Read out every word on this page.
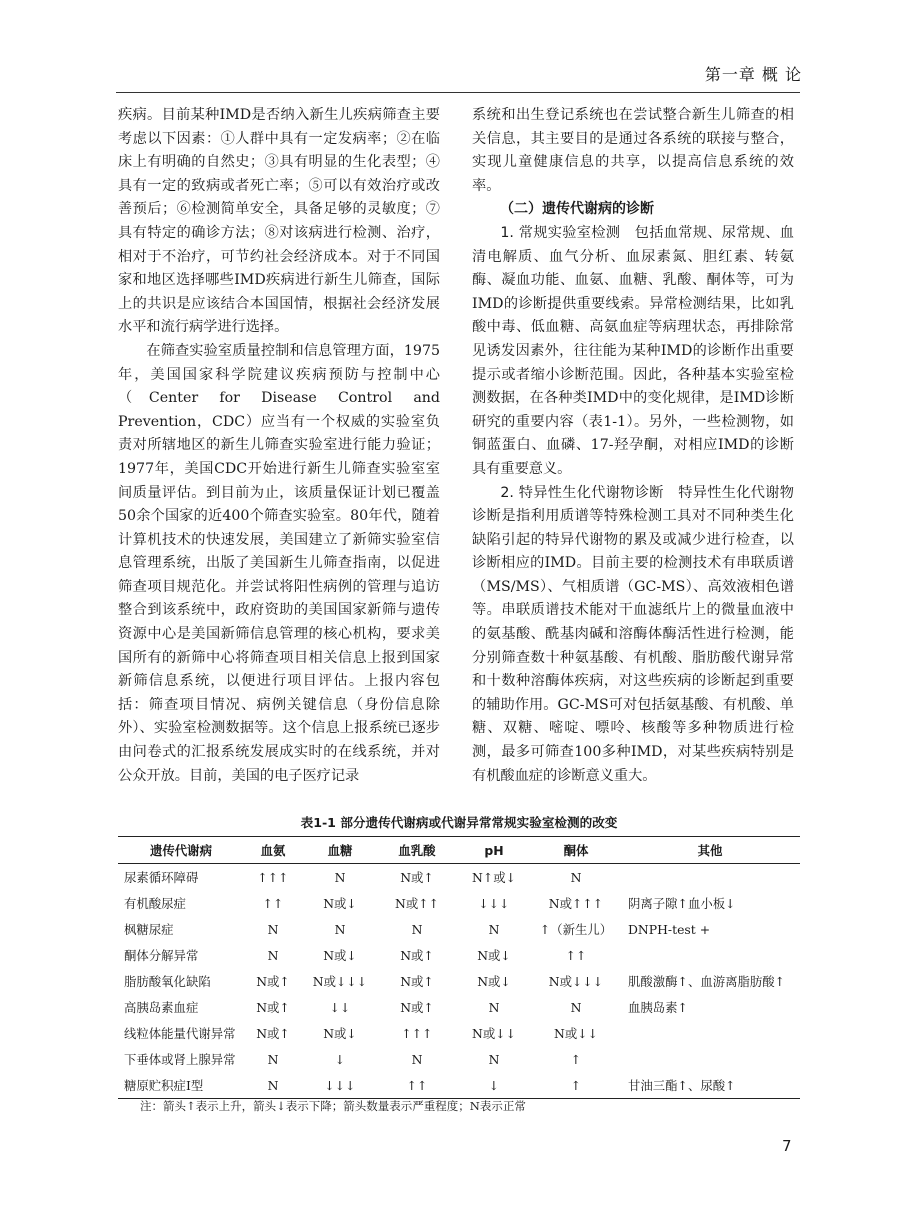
第一章 概 论

疾病。目前某种IMD是否纳入新生儿疾病筛查主要考虑以下因素：①人群中具有一定发病率；②在临床上有明确的自然史；③具有明显的生化表型；④具有一定的致病或者死亡率；⑤可以有效治疗或改善预后；⑥检测简单安全，具备足够的灵敏度；⑦具有特定的确诊方法；⑧对该病进行检测、治疗，相对于不治疗，可节约社会经济成本。对于不同国家和地区选择哪些IMD疾病进行新生儿筛查，国际上的共识是应该结合本国国情，根据社会经济发展水平和流行病学进行选择。

在筛查实验室质量控制和信息管理方面，1975年，美国国家科学院建议疾病预防与控制中心（Center for Disease Control and Prevention，CDC）应当有一个权威的实验室负责对所辖地区的新生儿筛查实验室进行能力验证；1977年，美国CDC开始进行新生儿筛查实验室室间质量评估。到目前为止，该质量保证计划已覆盖50余个国家的近400个筛查实验室。80年代，随着计算机技术的快速发展，美国建立了新筛实验室信息管理系统，出版了美国新生儿筛查指南，以促进筛查项目规范化。并尝试将阳性病例的管理与追访整合到该系统中，政府资助的美国国家新筛与遗传资源中心是美国新筛信息管理的核心机构，要求美国所有的新筛中心将筛查项目相关信息上报到国家新筛信息系统，以便进行项目评估。上报内容包括：筛查项目情况、病例关键信息（身份信息除外）、实验室检测数据等。这个信息上报系统已逐步由问卷式的汇报系统发展成实时的在线系统，并对公众开放。目前，美国的电子医疗记录

系统和出生登记系统也在尝试整合新生儿筛查的相关信息，其主要目的是通过各系统的联接与整合，实现儿童健康信息的共享，以提高信息系统的效率。

（二）遗传代谢病的诊断

1. 常规实验室检测　 包括血常规、尿常规、血清电解质、血气分析、血尿素氮、胆红素、转氨酶、凝血功能、血氨、血糖、乳酸、酮体等，可为IMD的诊断提供重要线索。异常检测结果，比如乳酸中毒、低血糖、高氨血症等病理状态，再排除常见诱发因素外，往往能为某种IMD的诊断作出重要提示或者缩小诊断范围。因此，各种基本实验室检测数据，在各种类IMD中的变化规律，是IMD诊断研究的重要内容（表1-1）。另外，一些检测物，如铜蓝蛋白、血磷、17-羟孕酮，对相应IMD的诊断具有重要意义。

2. 特异性生化代谢物诊断　 特异性生化代谢物诊断是指利用质谱等特殊检测工具对不同种类生化缺陷引起的特异代谢物的累及或减少进行检查，以诊断相应的IMD。目前主要的检测技术有串联质谱（MS/MS）、气相质谱（GC-MS）、高效液相色谱等。串联质谱技术能对干血滤纸片上的微量血液中的氨基酸、酰基肉碱和溶酶体酶活性进行检测，能分别筛查数十种氨基酸、有机酸、脂肪酸代谢异常和十数种溶酶体疾病，对这些疾病的诊断起到重要的辅助作用。GC-MS可对包括氨基酸、有机酸、单糖、双糖、嘧啶、嘌呤、核酸等多种物质进行检测，最多可筛查100多种IMD，对某些疾病特别是有机酸血症的诊断意义重大。

表1-1 部分遗传代谢病或代谢异常常规实验室检测的改变
遗传代谢病	血氨	血糖	血乳酸	pH	酮体	其他
尿素循环障碍	↑↑↑	N	N或↑	N↑或↓	N	
有机酸尿症	↑↑	N或↓	N或↑↑	↓↓↓	N或↑↑↑	阴离子隙↑血小板↓
枫糖尿症	N	N	N	N	↑（新生儿）	DNPH-test +
酮体分解异常	N	N或↓	N或↑	N或↓	↑↑	
脂肪酸氧化缺陷	N或↑	N或↓↓↓	N或↑	N或↓	N或↓↓↓	肌酸激酶↑、血游离脂肪酸↑
高胰岛素血症	N或↑	↓↓	N或↑	N	N	血胰岛素↑
线粒体能量代谢异常	N或↑	N或↓	↑↑↑	N或↓↓	N或↓↓	
下垂体或肾上腺异常	N	↓	N	N	↑	
糖原贮积症Ⅰ型	N	↓↓↓	↑↑	↓	↑	甘油三酯↑、尿酸↑
注：箭头↑表示上升，箭头↓表示下降；箭头数量表示严重程度；N表示正常
7
